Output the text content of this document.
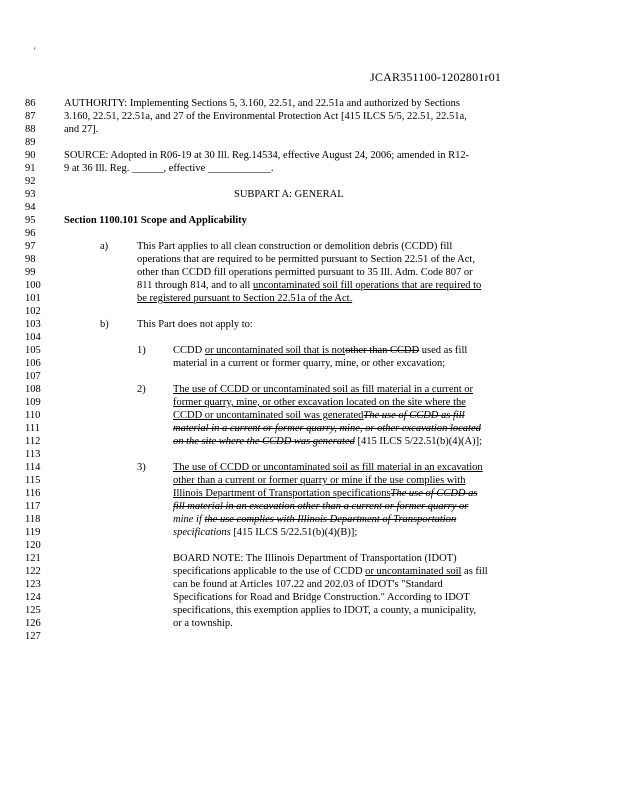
'
JCAR351100-1202801r01
86	AUTHORITY: Implementing Sections 5, 3.160, 22.51, and 22.51a and authorized by Sections
87	3.160, 22.51, 22.51a, and 27 of the Environmental Protection Act [415 ILCS 5/5, 22.51, 22.51a,
88	and 27].
89
90	SOURCE: Adopted in R06-19 at 30 Ill. Reg.14534, effective August 24, 2006; amended in R12-
91	9 at 36 Ill. Reg. ______, effective ____________.
92
93	SUBPART A: GENERAL
94
95	Section 1100.101 Scope and Applicability
96
97	a)	This Part applies to all clean construction or demolition debris (CCDD) fill
98	operations that are required to be permitted pursuant to Section 22.51 of the Act,
99	other than CCDD fill operations permitted pursuant to 35 Ill. Adm. Code 807 or
100	811 through 814, and to all uncontaminated soil fill operations that are required to
101	be registered pursuant to Section 22.51a of the Act.
102
103	b)	This Part does not apply to:
104
105	1)	CCDD or uncontaminated soil that is notother than CCDD used as fill
106	material in a current or former quarry, mine, or other excavation;
107
108	2)	The use of CCDD or uncontaminated soil as fill material in a current or
109	former quarry, mine, or other excavation located on the site where the
110	CCDD or uncontaminated soil was generatedThe use of CCDD as fill
111	material in a current or former quarry, mine, or other excavation located
112	on the site where the CCDD was generated [415 ILCS 5/22.51(b)(4)(A)];
113
114	3)	The use of CCDD or uncontaminated soil as fill material in an excavation
115	other than a current or former quarry or mine if the use complies with
116	Illinois Department of Transportation specificationsThe use of CCDD as
117	fill material in an excavation other than a current or former quarry or
118	mine if the use complies with Illinois Department of Transportation
119	specifications [415 ILCS 5/22.51(b)(4)(B)];
120
121	BOARD NOTE: The Illinois Department of Transportation (IDOT)
122	specifications applicable to the use of CCDD or uncontaminated soil as fill
123	can be found at Articles 107.22 and 202.03 of IDOT's "Standard
124	Specifications for Road and Bridge Construction." According to IDOT
125	specifications, this exemption applies to IDOT, a county, a municipality,
126	or a township.
127
